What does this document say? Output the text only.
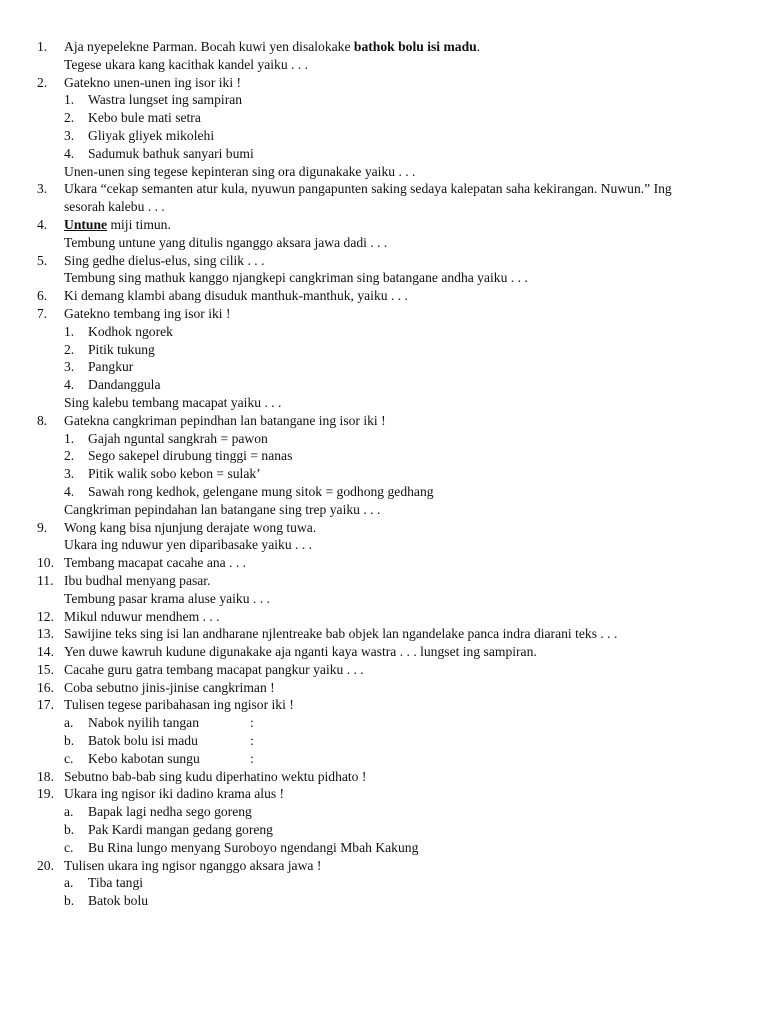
1. Aja nyepelekne Parman. Bocah kuwi yen disalokake bathok bolu isi madu.
Tegese ukara kang kacithak kandel yaiku . . .
2. Gatekno unen-unen ing isor iki !
1. Wastra lungset ing sampiran
2. Kebo bule mati setra
3. Gliyak gliyek mikolehi
4. Sadumuk bathuk sanyari bumi
Unen-unen sing tegese kepinteran sing ora digunakake yaiku . . .
3. Ukara “cekap semanten atur kula, nyuwun pangapunten saking sedaya kalepatan saha kekirangan. Nuwun.” Ing
sesorah kalebu . . .
4. Untune miji timun.
Tembung untune yang ditulis nganggo aksara jawa dadi . . .
5. Sing gedhe dielus-elus, sing cilik . . .
Tembung sing mathuk kanggo njangkepi cangkriman sing batangane andha yaiku . . .
6. Ki demang klambi abang disuduk manthuk-manthuk, yaiku . . .
7. Gatekno tembang ing isor iki !
1. Kodhok ngorek
2. Pitik tukung
3. Pangkur
4. Dandanggula
Sing kalebu tembang macapat yaiku . . .
8. Gatekna cangkriman pepindhan lan batangane ing isor iki !
1. Gajah nguntal sangkrah = pawon
2. Sego sakepel dirubung tinggi = nanas
3. Pitik walik sobo kebon = sulak’
4. Sawah rong kedhok, gelengane mung sitok = godhong gedhang
Cangkriman pepindahan lan batangane sing trep yaiku . . .
9. Wong kang bisa njunjung derajate wong tuwa.
Ukara ing nduwur yen diparibasake yaiku . . .
10. Tembang macapat cacahe ana . . .
11. Ibu budhal menyang pasar.
Tembung pasar krama aluse yaiku . . .
12. Mikul nduwur mendhem . . .
13. Sawijine teks sing isi lan andharane njlentreake bab objek lan ngandelake panca indra diarani teks . . .
14. Yen duwe kawruh kudune digunakake aja nganti kaya wastra . . . lungset ing sampiran.
15. Cacahe guru gatra tembang macapat pangkur yaiku . . .
16. Coba sebutno jinis-jinise cangkriman !
17. Tulisen tegese paribahasan ing ngisor iki !
a. Nabok nyilih tangan	:
b. Batok bolu isi madu	:
c. Kebo kabotan sungu	:
18. Sebutno bab-bab sing kudu diperhatino wektu pidhato !
19. Ukara ing ngisor iki dadino krama alus !
a. Bapak lagi nedha sego goreng
b. Pak Kardi mangan gedang goreng
c. Bu Rina lungo menyang Suroboyo ngendangi Mbah Kakung
20. Tulisen ukara ing ngisor nganggo aksara jawa !
a. Tiba tangi
b. Batok bolu
